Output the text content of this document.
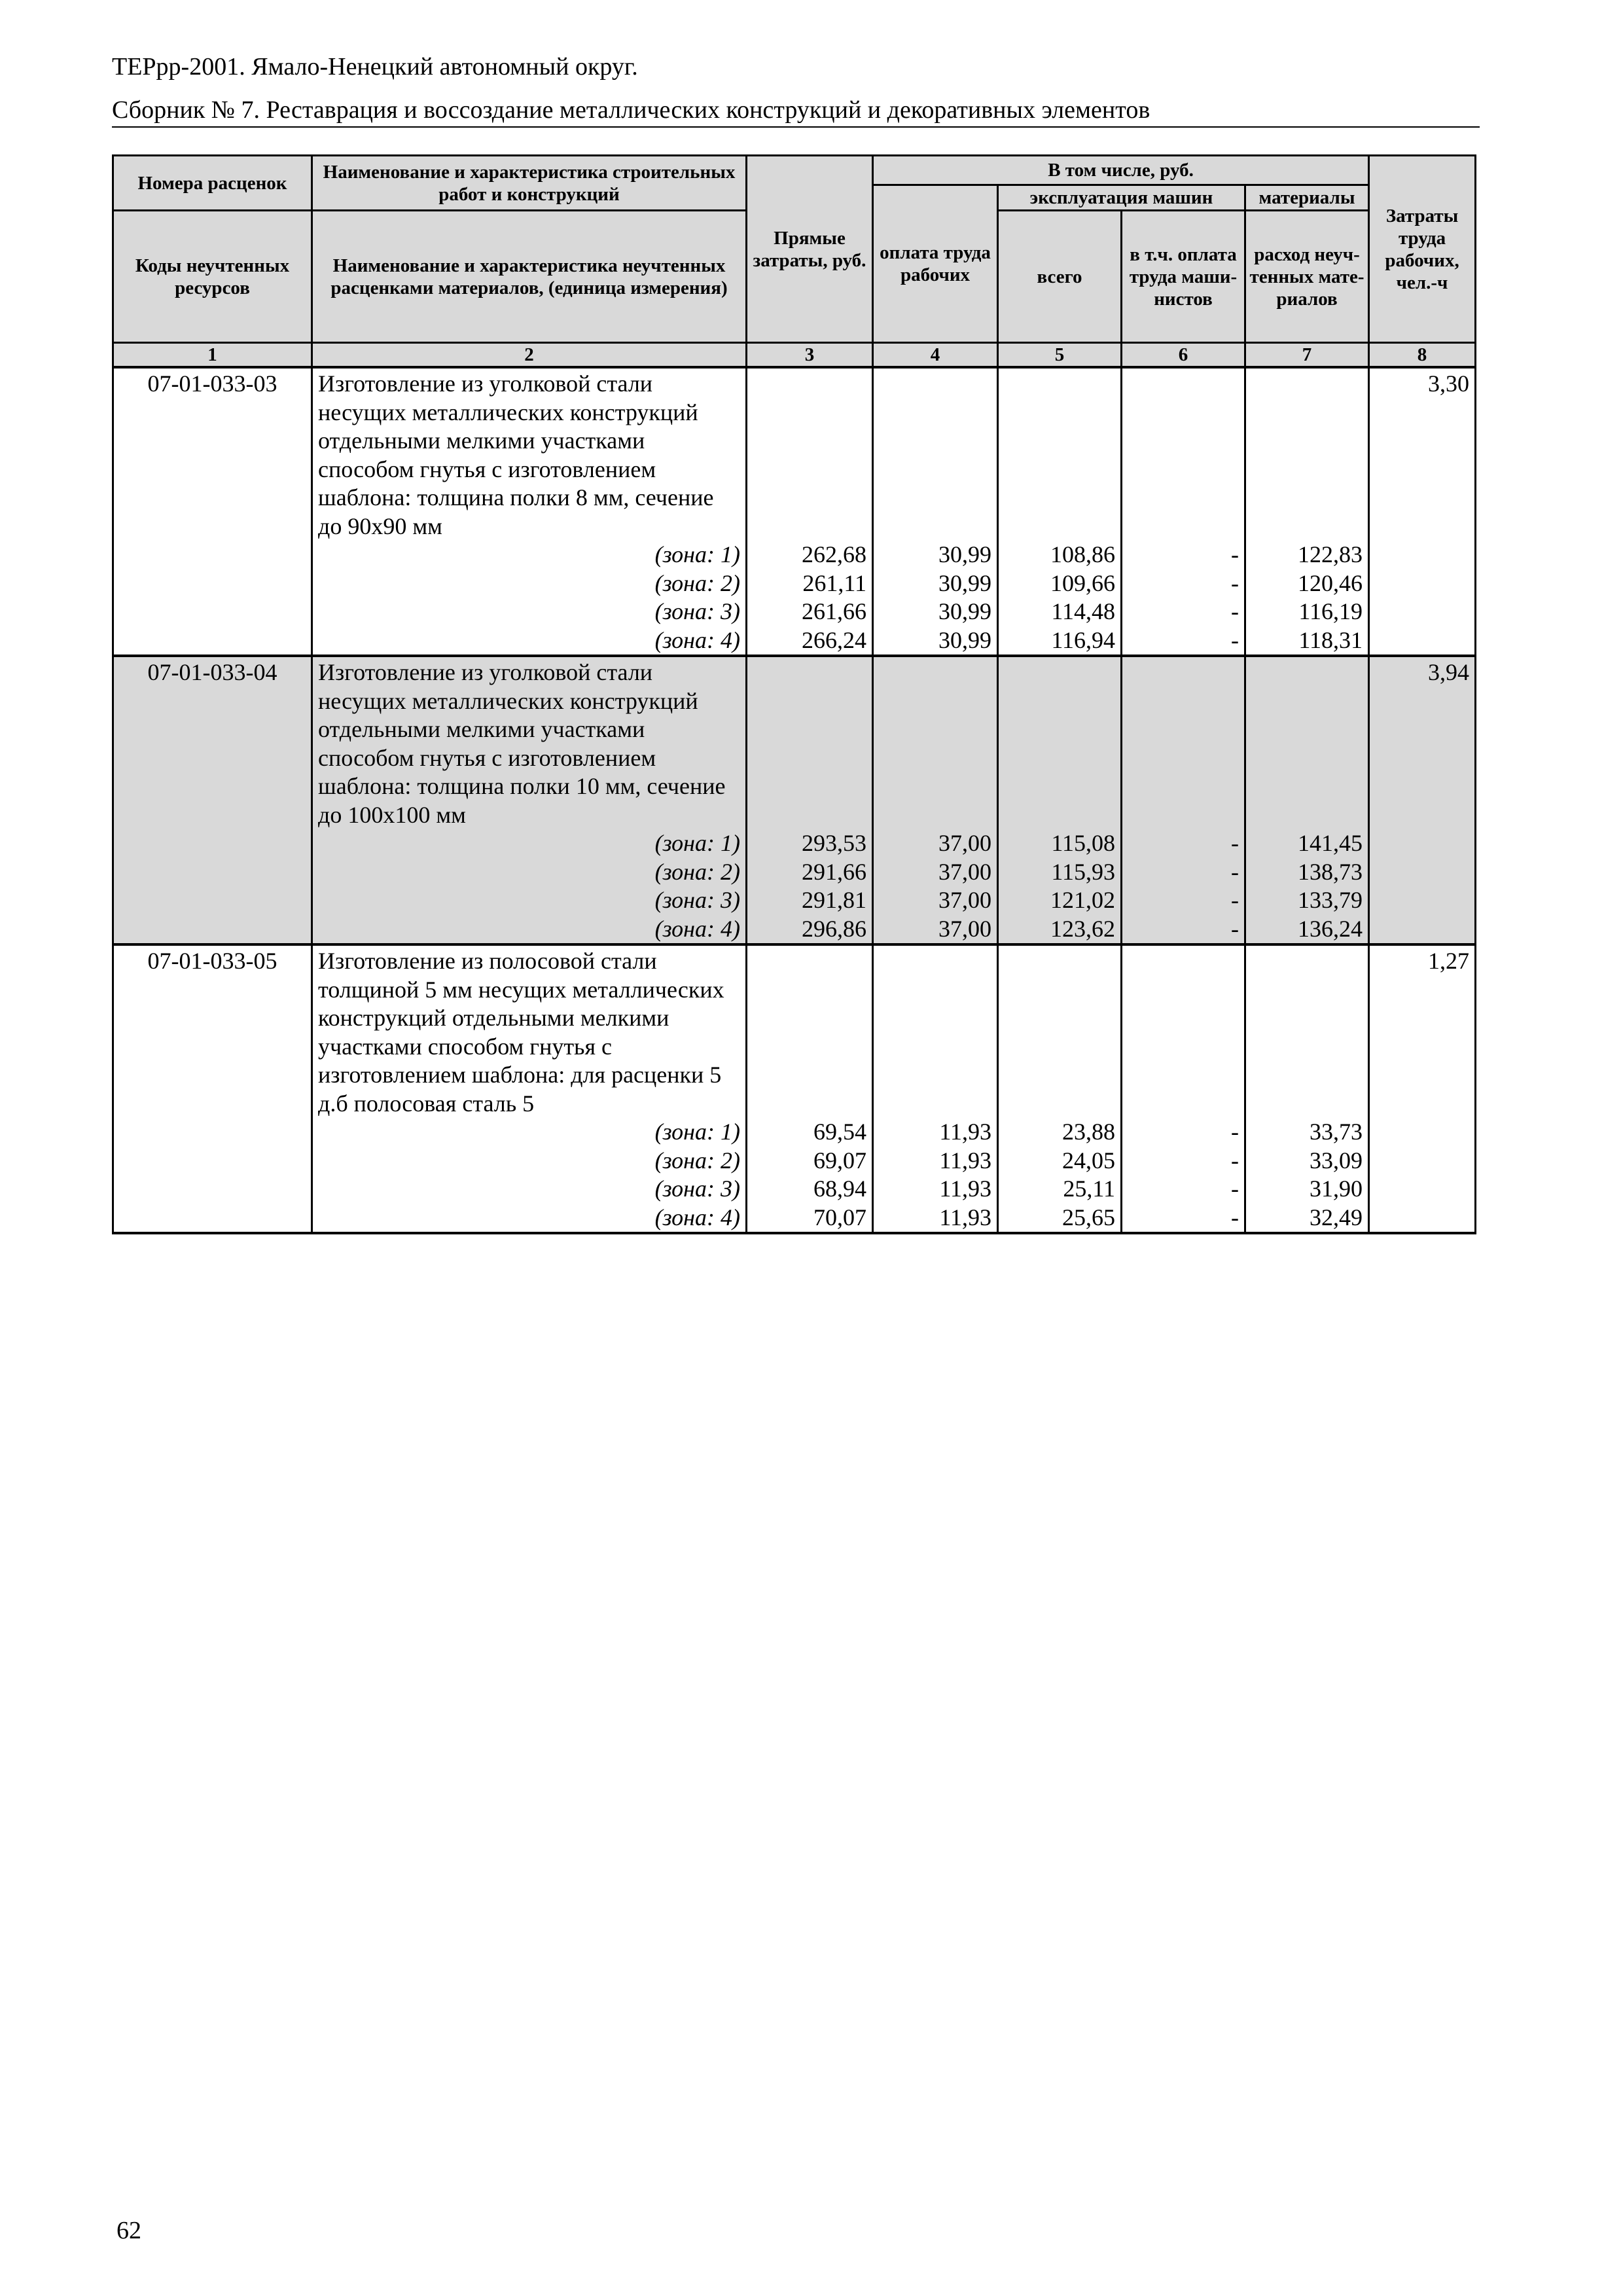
ТЕРрр-2001. Ямало-Ненецкий автономный округ.
Сборник № 7. Реставрация и воссоздание металлических конструкций и декоративных элементов
Номера расценок	Наименование и характеристика строительных работ и конструкций	Прямые затраты, руб.	В том числе, руб.				Затраты труда рабочих, чел.-ч
			оплата труда рабочих	эксплуатация машин		материалы	
Коды неучтенных ресурсов	Наименование и характеристика неучтенных расценками материалов, (единица измерения)			всего	в т.ч. оплата труда маши-нистов	расход неуч-тенных мате-риалов	
1	2	3	4	5	6	7	8
07-01-033-03	Изготовление из уголковой стали несущих металлических конструкций отдельными мелкими участками способом гнутья с изготовлением шаблона: толщина полки 8 мм, сечение до 90х90 мм						3,30
	(зона: 1)	262,68	30,99	108,86	-	122,83	
	(зона: 2)	261,11	30,99	109,66	-	120,46	
	(зона: 3)	261,66	30,99	114,48	-	116,19	
	(зона: 4)	266,24	30,99	116,94	-	118,31	
07-01-033-04	Изготовление из уголковой стали несущих металлических конструкций отдельными мелкими участками способом гнутья с изготовлением шаблона: толщина полки 10 мм, сечение до 100х100 мм						3,94
	(зона: 1)	293,53	37,00	115,08	-	141,45	
	(зона: 2)	291,66	37,00	115,93	-	138,73	
	(зона: 3)	291,81	37,00	121,02	-	133,79	
	(зона: 4)	296,86	37,00	123,62	-	136,24	
07-01-033-05	Изготовление из полосовой стали толщиной 5 мм несущих металлических конструкций отдельными мелкими участками способом гнутья с изготовлением шаблона: для расценки 5 д.б полосовая сталь 5						1,27
	(зона: 1)	69,54	11,93	23,88	-	33,73	
	(зона: 2)	69,07	11,93	24,05	-	33,09	
	(зона: 3)	68,94	11,93	25,11	-	31,90	
	(зона: 4)	70,07	11,93	25,65	-	32,49	
62
